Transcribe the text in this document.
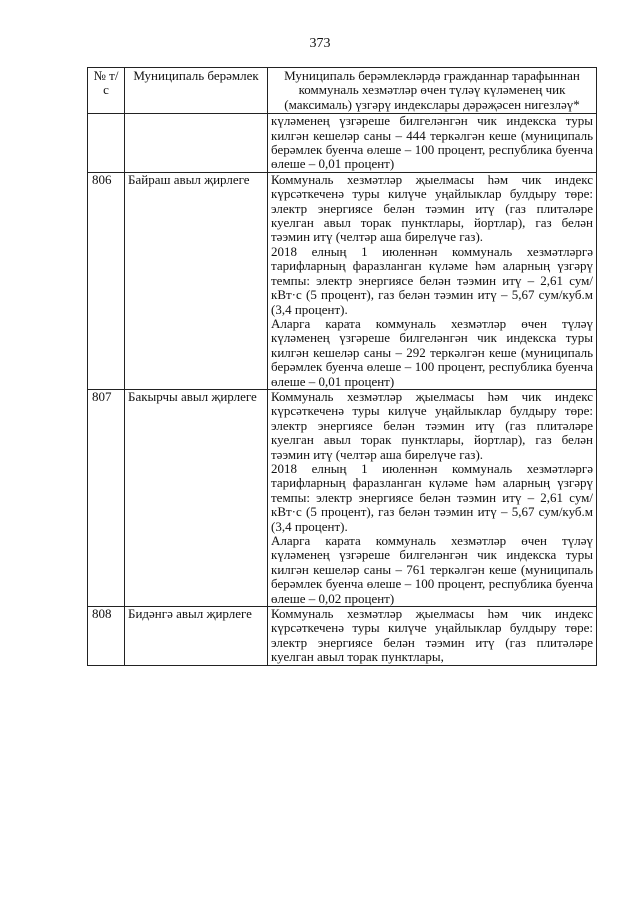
373
№ т/с	Муниципаль берәмлек	Муниципаль берәмлекләрдә гражданнар тарафыннан коммуналь хезмәтләр өчен түләү күләменең чик (максималь) үзгәрү индекслары дәрәҗәсен нигезләү*
		күләменең үзгәреше билгеләнгән чик индекска туры килгән кешеләр саны – 444 теркәлгән кеше (муниципаль берәмлек буенча өлеше – 100 процент, республика буенча өлеше – 0,01 процент)
806	Байраш авыл җирлеге	Коммуналь хезмәтләр җыелмасы һәм чик индекс күрсәткеченә туры килүче уңайлыклар булдыру төре: электр энергиясе белән тәэмин итү (газ плитәләре куелган авыл торак пунктлары, йортлар), газ белән тәэмин итү (челтәр аша бирелүче газ).

2018 елның 1 июленнән коммуналь хезмәтләргә тарифларның фаразланган күләме һәм аларның үзгәрү темпы: электр энергиясе белән тәэмин итү – 2,61 сум/кВт·с (5 процент), газ белән тәэмин итү – 5,67 сум/куб.м (3,4 процент).

Аларга карата коммуналь хезмәтләр өчен түләү күләменең үзгәреше билгеләнгән чик индекска туры килгән кешеләр саны – 292 теркәлгән кеше (муниципаль берәмлек буенча өлеше – 100 процент, республика буенча өлеше – 0,01 процент)

807	Бакырчы авыл җирлеге	Коммуналь хезмәтләр җыелмасы һәм чик индекс күрсәткеченә туры килүче уңайлыклар булдыру төре: электр энергиясе белән тәэмин итү (газ плитәләре куелган авыл торак пунктлары, йортлар), газ белән тәэмин итү (челтәр аша бирелүче газ).

2018 елның 1 июленнән коммуналь хезмәтләргә тарифларның фаразланган күләме һәм аларның үзгәрү темпы: электр энергиясе белән тәэмин итү – 2,61 сум/кВт·с (5 процент), газ белән тәэмин итү – 5,67 сум/куб.м (3,4 процент).

Аларга карата коммуналь хезмәтләр өчен түләү күләменең үзгәреше билгеләнгән чик индекска туры килгән кешеләр саны – 761 теркәлгән кеше (муниципаль берәмлек буенча өлеше – 100 процент, республика буенча өлеше – 0,02 процент)

808	Бидәнгә авыл җирлеге	Коммуналь хезмәтләр җыелмасы һәм чик индекс күрсәткеченә туры килүче уңайлыклар булдыру төре: электр энергиясе белән тәэмин итү (газ плитәләре куелган авыл торак пунктлары,
